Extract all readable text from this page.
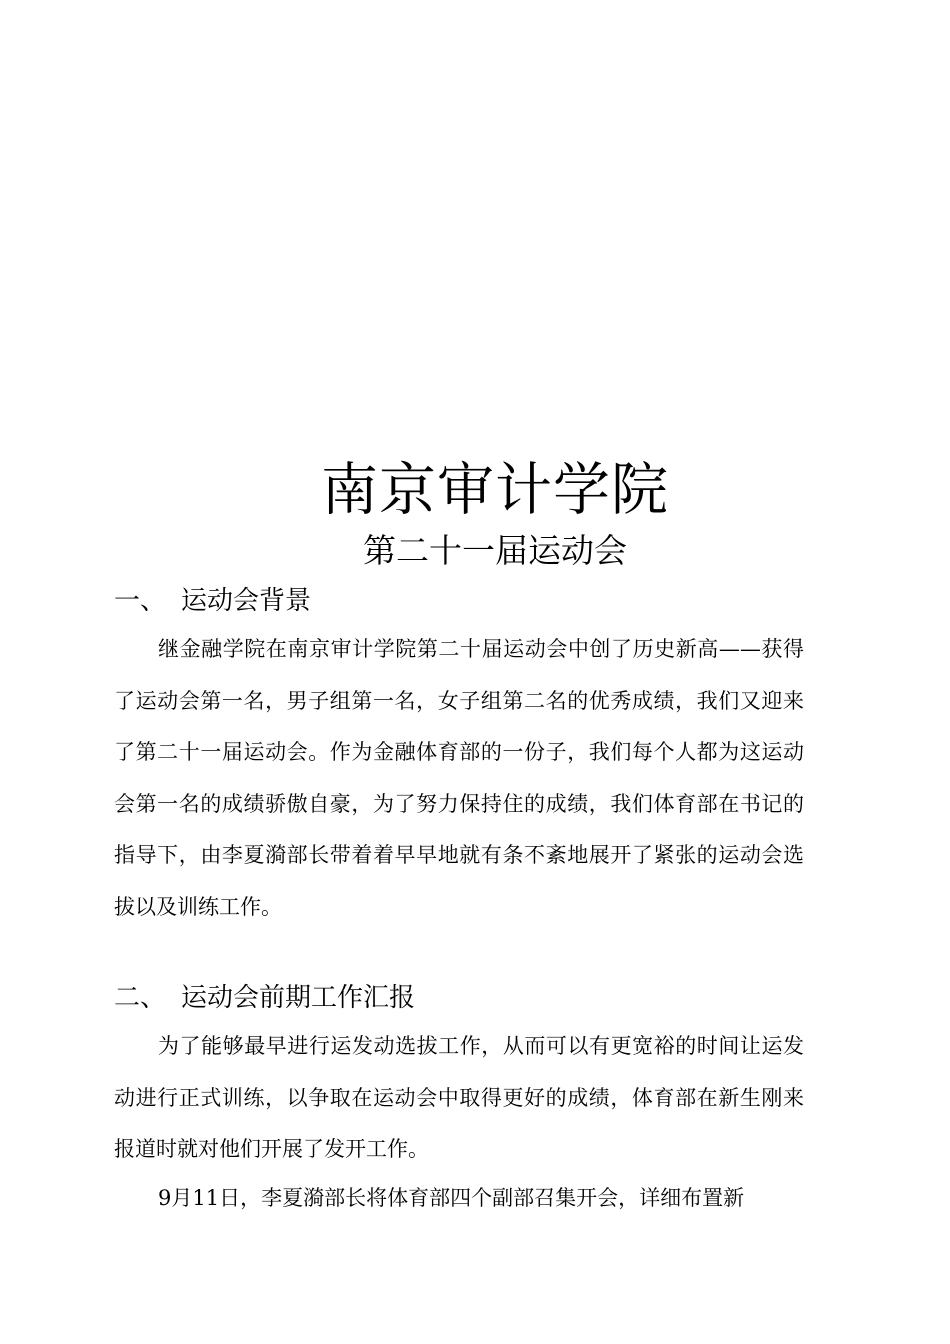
南京审计学院
第二十一届运动会
一、 运动会背景
继金融学院在南京审计学院第二十届运动会中创了历史新高——获得了运动会第一名，男子组第一名，女子组第二名的优秀成绩，我们又迎来了第二十一届运动会。作为金融体育部的一份子，我们每个人都为这运动会第一名的成绩骄傲自豪，为了努力保持住的成绩，我们体育部在书记的指导下，由李夏漪部长带着着早早地就有条不紊地展开了紧张的运动会选拔以及训练工作。
二、 运动会前期工作汇报
为了能够最早进行运发动选拔工作，从而可以有更宽裕的时间让运发动进行正式训练，以争取在运动会中取得更好的成绩，体育部在新生刚来报道时就对他们开展了发开工作。
9月11日，李夏漪部长将体育部四个副部召集开会，详细布置新
